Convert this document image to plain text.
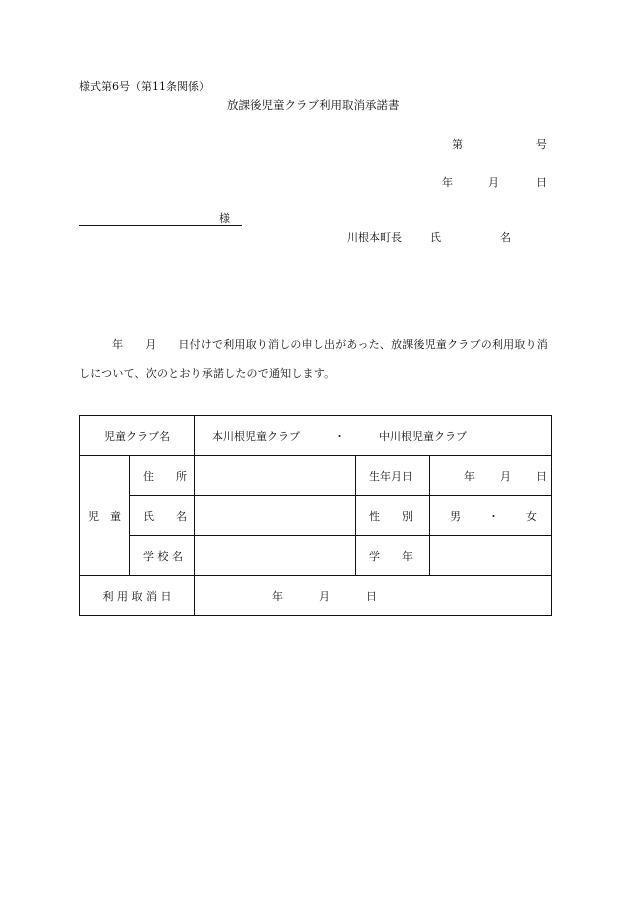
様式第6号（第11条関係）
放課後児童クラブ利用取消承諾書
第	号
年	月	日
様
川根本町長	氏	名
年 月 日付けで利用取り消しの申し出があった、放課後児童クラブの利用取り消しについて、次のとおり承諾したので通知します。
児童クラブ名		本川根児童クラブ ・ 中川根児童クラブ		
児　童	住　　所		生年月日	年 月 日

	氏　　名		性　　別	男 ・ 女

	学 校 名		学　　年	
利 用 取 消 日		年 月 日		
